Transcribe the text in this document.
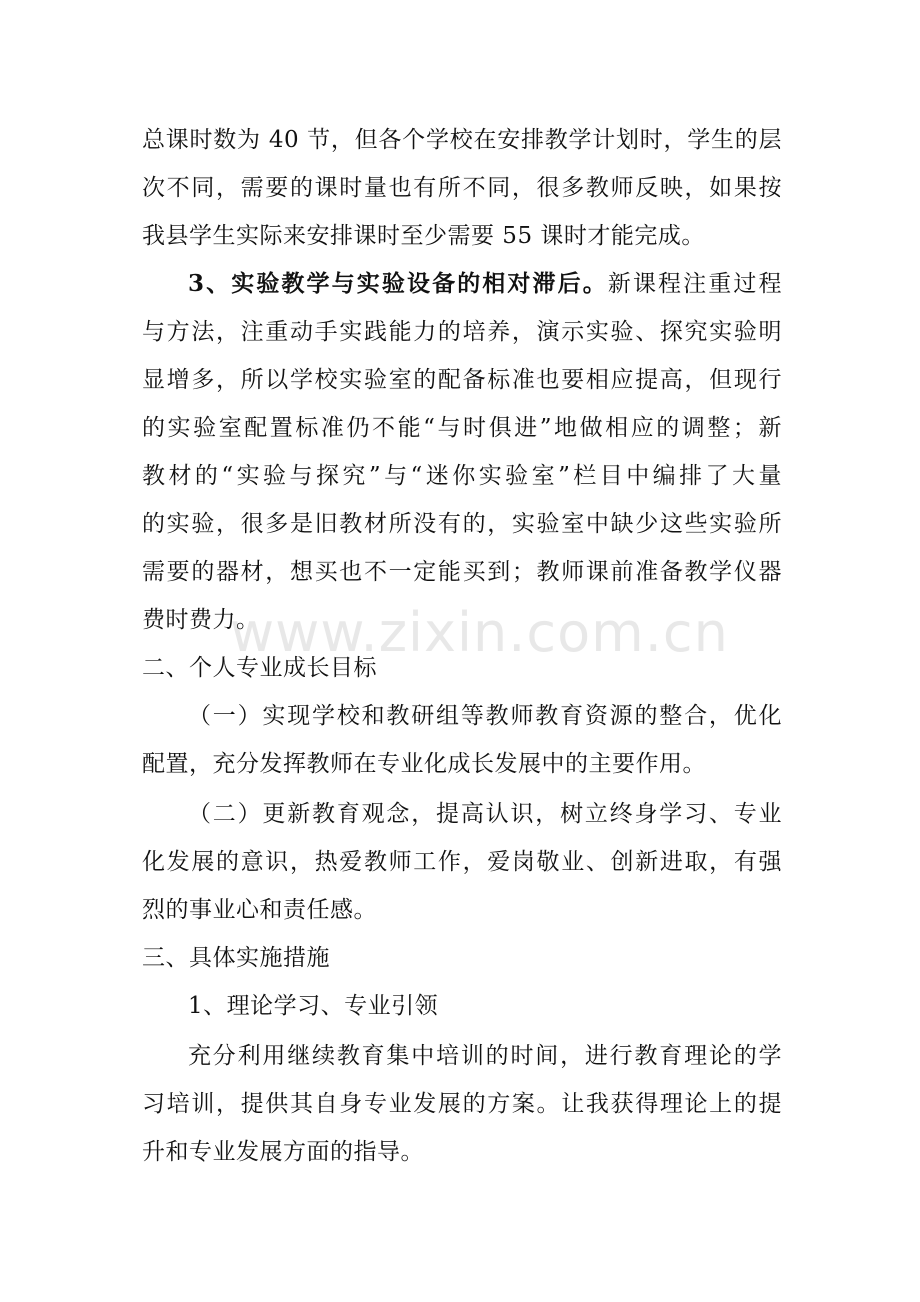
www.zixin.com.cn
总课时数为 40 节，但各个学校在安排教学计划时，学生的层
次不同，需要的课时量也有所不同，很多教师反映，如果按
我县学生实际来安排课时至少需要 55 课时才能完成。
3、实验教学与实验设备的相对滞后。新课程注重过程
与方法，注重动手实践能力的培养，演示实验、探究实验明
显增多，所以学校实验室的配备标准也要相应提高，但现行
的实验室配置标准仍不能“与时俱进”地做相应的调整；新
教材的“实验与探究”与“迷你实验室”栏目中编排了大量
的实验，很多是旧教材所没有的，实验室中缺少这些实验所
需要的器材，想买也不一定能买到；教师课前准备教学仪器
费时费力。
二、个人专业成长目标
（一）实现学校和教研组等教师教育资源的整合，优化
配置，充分发挥教师在专业化成长发展中的主要作用。
（二）更新教育观念，提高认识，树立终身学习、专业
化发展的意识，热爱教师工作，爱岗敬业、创新进取，有强
烈的事业心和责任感。
三、具体实施措施
1、理论学习、专业引领
充分利用继续教育集中培训的时间，进行教育理论的学
习培训，提供其自身专业发展的方案。让我获得理论上的提
升和专业发展方面的指导。
